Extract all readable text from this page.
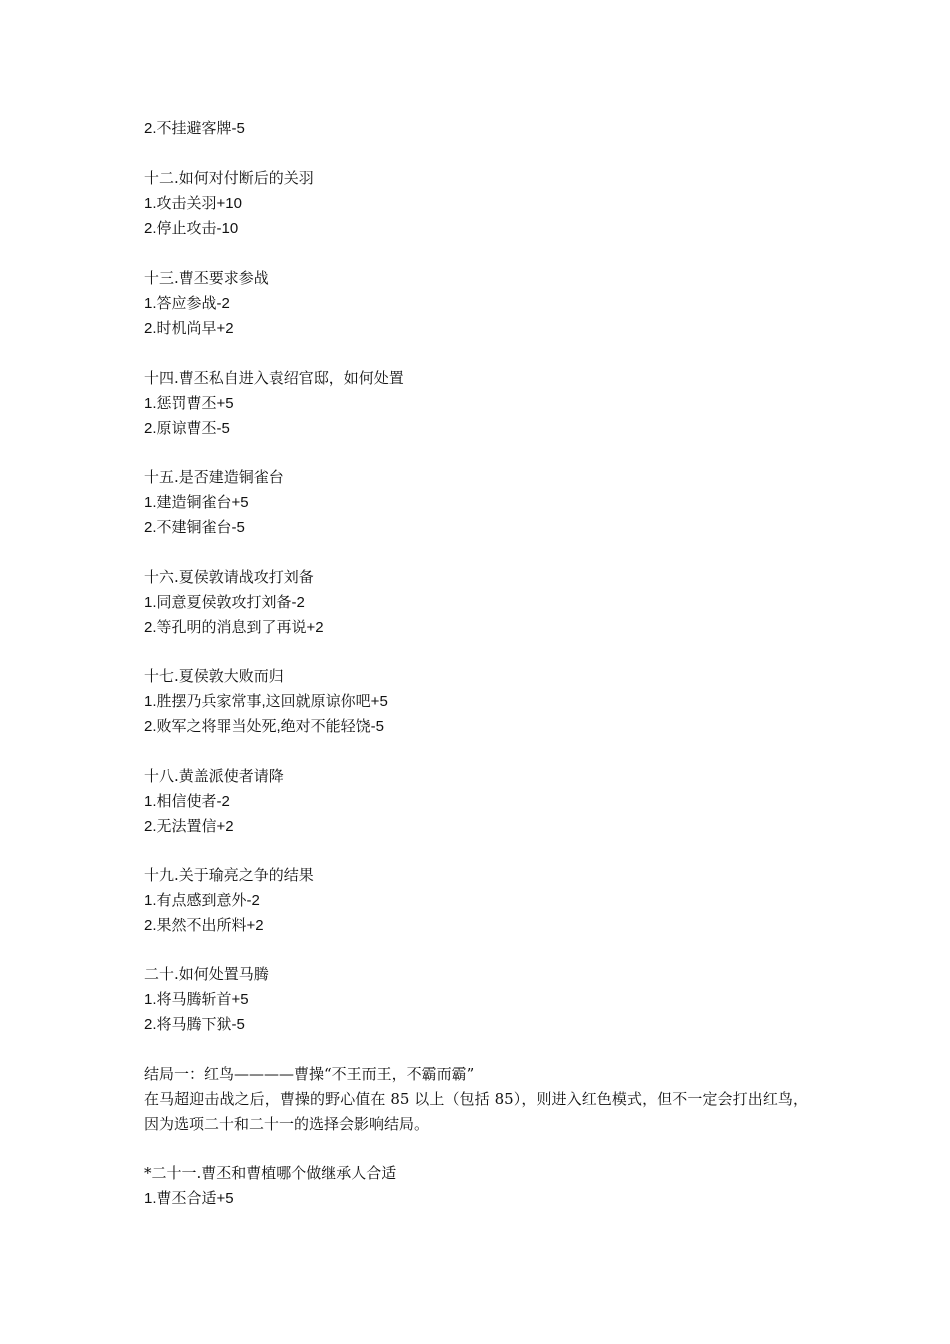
2.不挂避客牌-5
十二.如何对付断后的关羽
1.攻击关羽+10
2.停止攻击-10
十三.曹丕要求参战
1.答应参战-2
2.时机尚早+2
十四.曹丕私自进入袁绍官邸，如何处置
1.惩罚曹丕+5
2.原谅曹丕-5
十五.是否建造铜雀台
1.建造铜雀台+5
2.不建铜雀台-5
十六.夏侯敦请战攻打刘备
1.同意夏侯敦攻打刘备-2
2.等孔明的消息到了再说+2
十七.夏侯敦大败而归
1.胜摆乃兵家常事,这回就原谅你吧+5
2.败军之将罪当处死,绝对不能轻饶-5
十八.黄盖派使者请降
1.相信使者-2
2.无法置信+2
十九.关于瑜亮之争的结果
1.有点感到意外-2
2.果然不出所料+2
二十.如何处置马腾
1.将马腾斩首+5
2.将马腾下狱-5
结局一：红鸟————曹操“不王而王，不霸而霸”
在马超迎击战之后，曹操的野心值在 85 以上（包括 85），则进入红色模式，但不一定会打出红鸟，因为选项二十和二十一的选择会影响结局。
*二十一.曹丕和曹植哪个做继承人合适
1.曹丕合适+5
